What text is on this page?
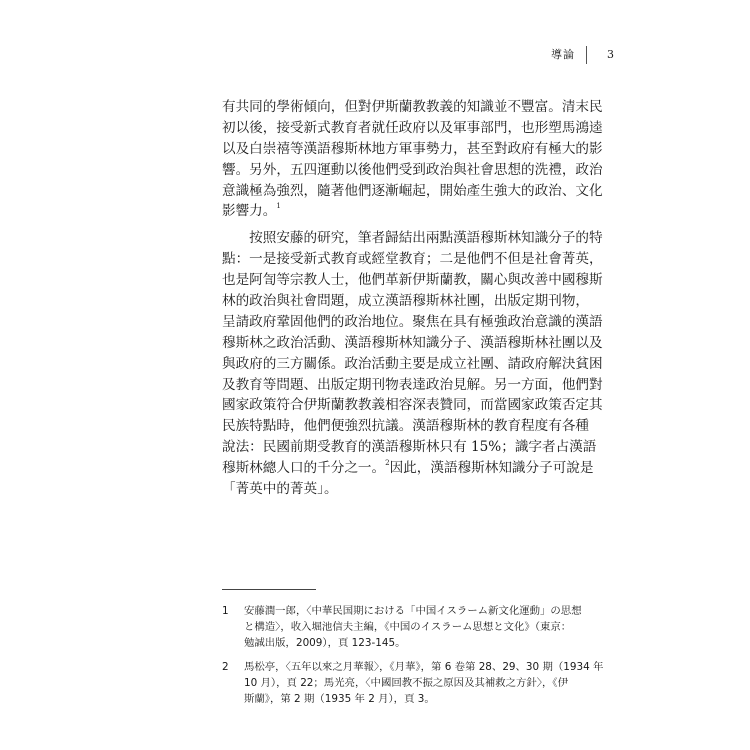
導論	3
有共同的學術傾向，但對伊斯蘭教教義的知識並不豐富。清末民
初以後，接受新式教育者就任政府以及軍事部門，也形塑馬鴻逵
以及白崇禧等漢語穆斯林地方軍事勢力，甚至對政府有極大的影
響。另外，五四運動以後他們受到政治與社會思想的洗禮，政治
意識極為強烈，隨著他們逐漸崛起，開始產生強大的政治、文化
影響力。$^1$
　　按照安藤的研究，筆者歸結出兩點漢語穆斯林知識分子的特
點：一是接受新式教育或經堂教育；二是他們不但是社會菁英，
也是阿訇等宗教人士，他們革新伊斯蘭教，關心與改善中國穆斯
林的政治與社會問題，成立漢語穆斯林社團，出版定期刊物，
呈請政府鞏固他們的政治地位。聚焦在具有極強政治意識的漢語
穆斯林之政治活動、漢語穆斯林知識分子、漢語穆斯林社團以及
與政府的三方關係。政治活動主要是成立社團、請政府解決貧困
及教育等問題、出版定期刊物表達政治見解。另一方面，他們對
國家政策符合伊斯蘭教教義相容深表贊同，而當國家政策否定其
民族特點時，他們便強烈抗議。漢語穆斯林的教育程度有各種
說法：民國前期受教育的漢語穆斯林只有 15%；識字者占漢語
穆斯林總人口的千分之一。$^2$因此，漢語穆斯林知識分子可說是
「菁英中的菁英」。
1 安藤潤一郎，〈中華民国期における「中国イスラーム新文化運動」の思想
と構造〉，收入堀池信夫主編，《中国のイスラーム思想と文化》（東京：
勉誠出版，2009），頁 123-145。
2 馬松亭，〈五年以來之月華報〉，《月華》，第 6 卷第 28、29、30 期（1934 年
10 月），頁 22；馬光亮，〈中國回教不振之原因及其補救之方針〉，《伊
斯蘭》，第 2 期（1935 年 2 月），頁 3。
